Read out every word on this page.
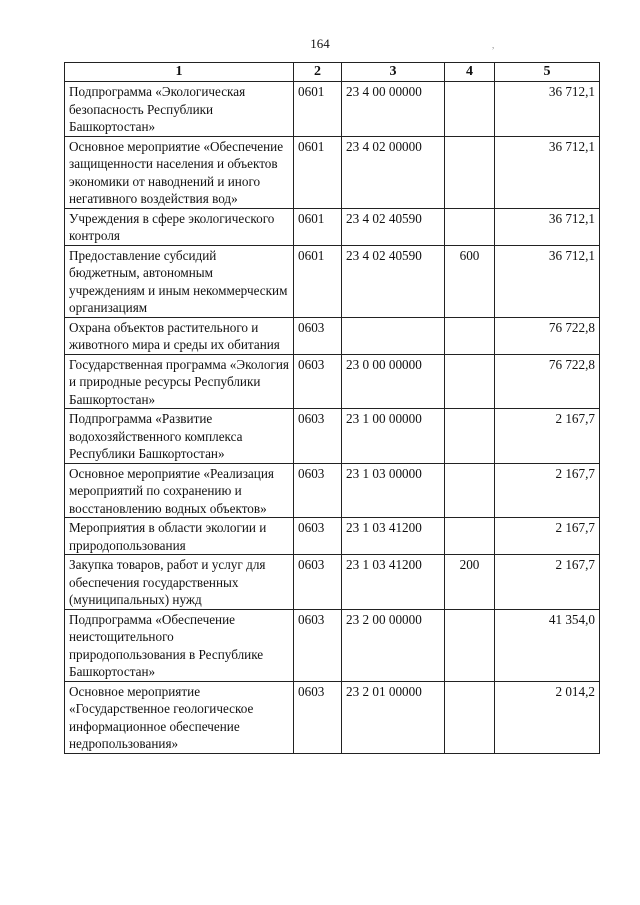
164	,
1	2	3	4	5
Подпрограмма «Экологическая безопасность Республики Башкортостан»	0601	23 4 00 00000		36 712,1
Основное мероприятие «Обеспечение защищенности населения и объектов экономики от наводнений и иного негативного воздействия вод»	0601	23 4 02 00000		36 712,1
Учреждения в сфере экологического контроля	0601	23 4 02 40590		36 712,1
Предоставление субсидий бюджетным, автономным учреждениям и иным некоммерческим организациям	0601	23 4 02 40590	600	36 712,1
Охрана объектов растительного и животного мира и среды их обитания	0603			76 722,8
Государственная программа «Экология и природные ресурсы Республики Башкортостан»	0603	23 0 00 00000		76 722,8
Подпрограмма «Развитие водохозяйственного комплекса Республики Башкортостан»	0603	23 1 00 00000		2 167,7
Основное мероприятие «Реализация мероприятий по сохранению и восстановлению водных объектов»	0603	23 1 03 00000		2 167,7
Мероприятия в области экологии и природопользования	0603	23 1 03 41200		2 167,7
Закупка товаров, работ и услуг для обеспечения государственных (муниципальных) нужд	0603	23 1 03 41200	200	2 167,7
Подпрограмма «Обеспечение неистощительного природопользования в Республике Башкортостан»	0603	23 2 00 00000		41 354,0
Основное мероприятие «Государственное геологическое информационное обеспечение недропользования»	0603	23 2 01 00000		2 014,2
